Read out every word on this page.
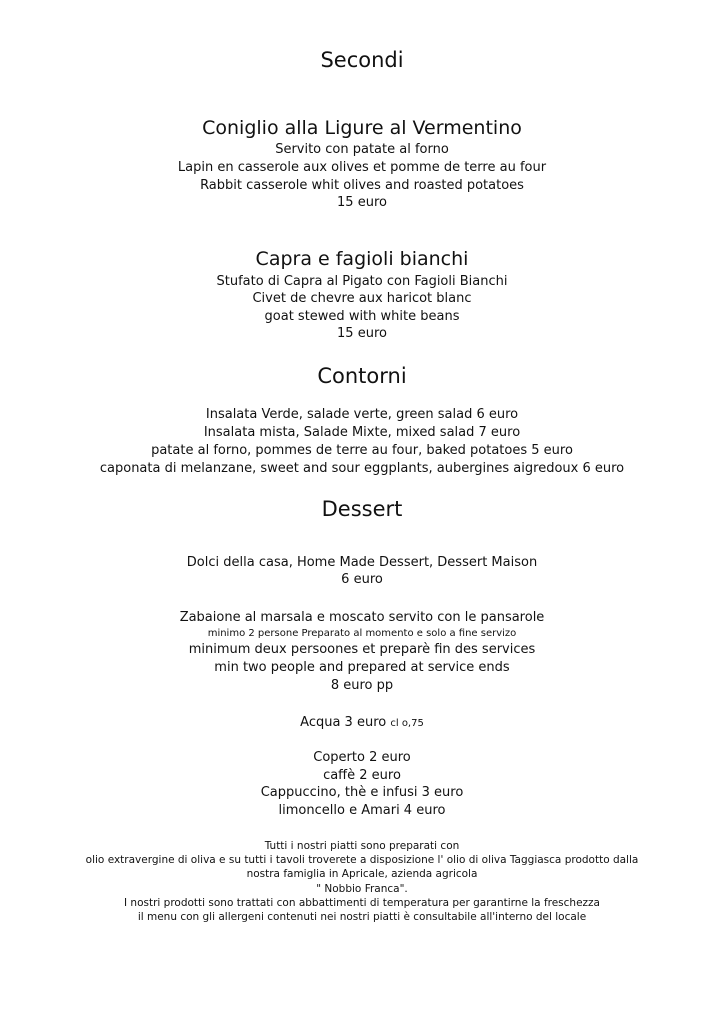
Secondi
Coniglio alla Ligure al Vermentino
Servito con patate al forno
Lapin en casserole aux olives et pomme de terre au four
Rabbit casserole whit olives and roasted potatoes
15 euro
Capra e fagioli bianchi
Stufato di Capra al Pigato con Fagioli Bianchi
Civet de chevre aux haricot blanc
goat stewed with white beans
15 euro
Contorni
Insalata Verde, salade verte, green salad 6 euro
Insalata mista, Salade Mixte, mixed salad 7 euro
patate al forno, pommes de terre au four, baked potatoes 5 euro
caponata di melanzane, sweet and sour eggplants, aubergines aigredoux 6 euro
Dessert
Dolci della casa, Home Made Dessert, Dessert Maison
6 euro
Zabaione al marsala e moscato servito con le pansarole
minimo 2 persone Preparato al momento e solo a fine servizo
minimum deux persoones et preparè fin des services
min two people and prepared at service ends
8 euro pp
Acqua 3 euro cl o,75
Coperto 2 euro
caffè 2 euro
Cappuccino, thè e infusi 3 euro
limoncello e Amari 4 euro
Tutti i nostri piatti sono preparati con
olio extravergine di oliva e su tutti i tavoli troverete a disposizione l' olio di oliva Taggiasca prodotto dalla
nostra famiglia in Apricale, azienda agricola
" Nobbio Franca".
I nostri prodotti sono trattati con abbattimenti di temperatura per garantirne la freschezza
il menu con gli allergeni contenuti nei nostri piatti è consultabile all'interno del locale
